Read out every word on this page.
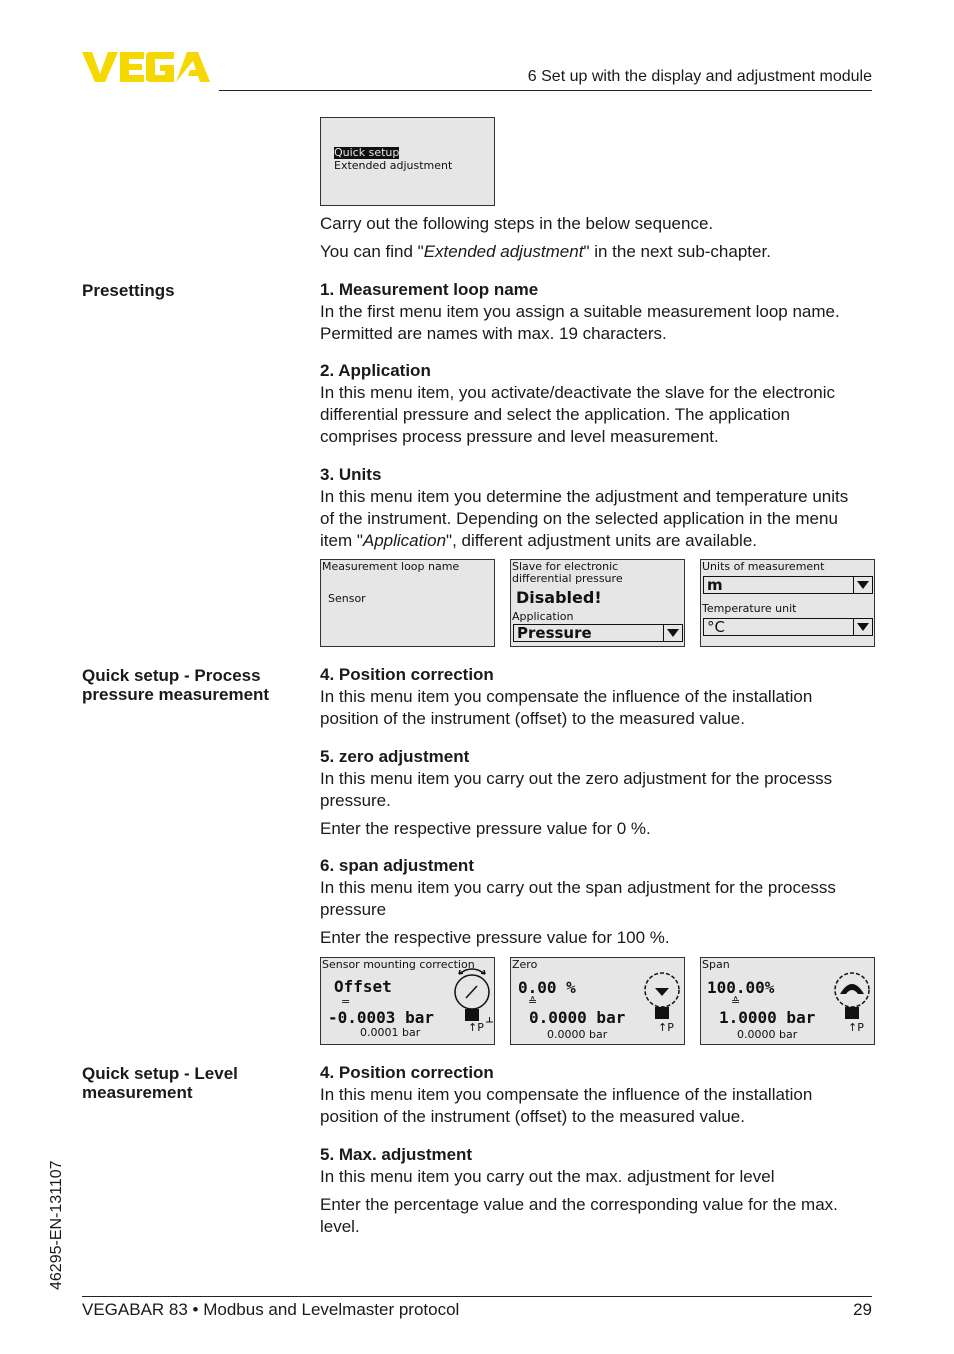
6 Set up with the display and adjustment module
Quick setup
Extended adjustment

Carry out the following steps in the below sequence.

You can find "Extended adjustment" in the next sub-chapter.

Presettings	1. Measurement loop name

In the first menu item you assign a suitable measurement loop name. Permitted are names with max. 19 characters.

2. Application

In this menu item, you activate/deactivate the slave for the electronic differential pressure and select the application. The application comprises process pressure and level measurement.

3. Units

In this menu item you determine the adjustment and temperature units of the instrument. Depending on the selected application in the menu item "Application", different adjustment units are available.

Measurement loop name
Sensor
Slave for electronic differential pressure
Disabled!
Application
Pressure
Units of measurement
m
Temperature unit
°C
Quick setup - Process pressure measurement
4. Position correction

In this menu item you compensate the influence of the installation position of the instrument (offset) to the measured value.

5. zero adjustment

In this menu item you carry out the zero adjustment for the processs pressure.

Enter the respective pressure value for 0 %.

6. span adjustment

In this menu item you carry out the span adjustment for the processs pressure

Enter the respective pressure value for 100 %.

Sensor mounting correction
Offset
=
-0.0003 bar
0.0001 bar	↑P
Zero
0.00 %
≙
0.0000 bar
0.0000 bar
↑P
Span
100.00%
≙
1.0000 bar
0.0000 bar
↑P
Quick setup - Level measurement
4. Position correction

In this menu item you compensate the influence of the installation position of the instrument (offset) to the measured value.

5. Max. adjustment

In this menu item you carry out the max. adjustment for level

Enter the percentage value and the corresponding value for the max. level.

46295-EN-131107
VEGABAR 83 • Modbus and Levelmaster protocol	29
